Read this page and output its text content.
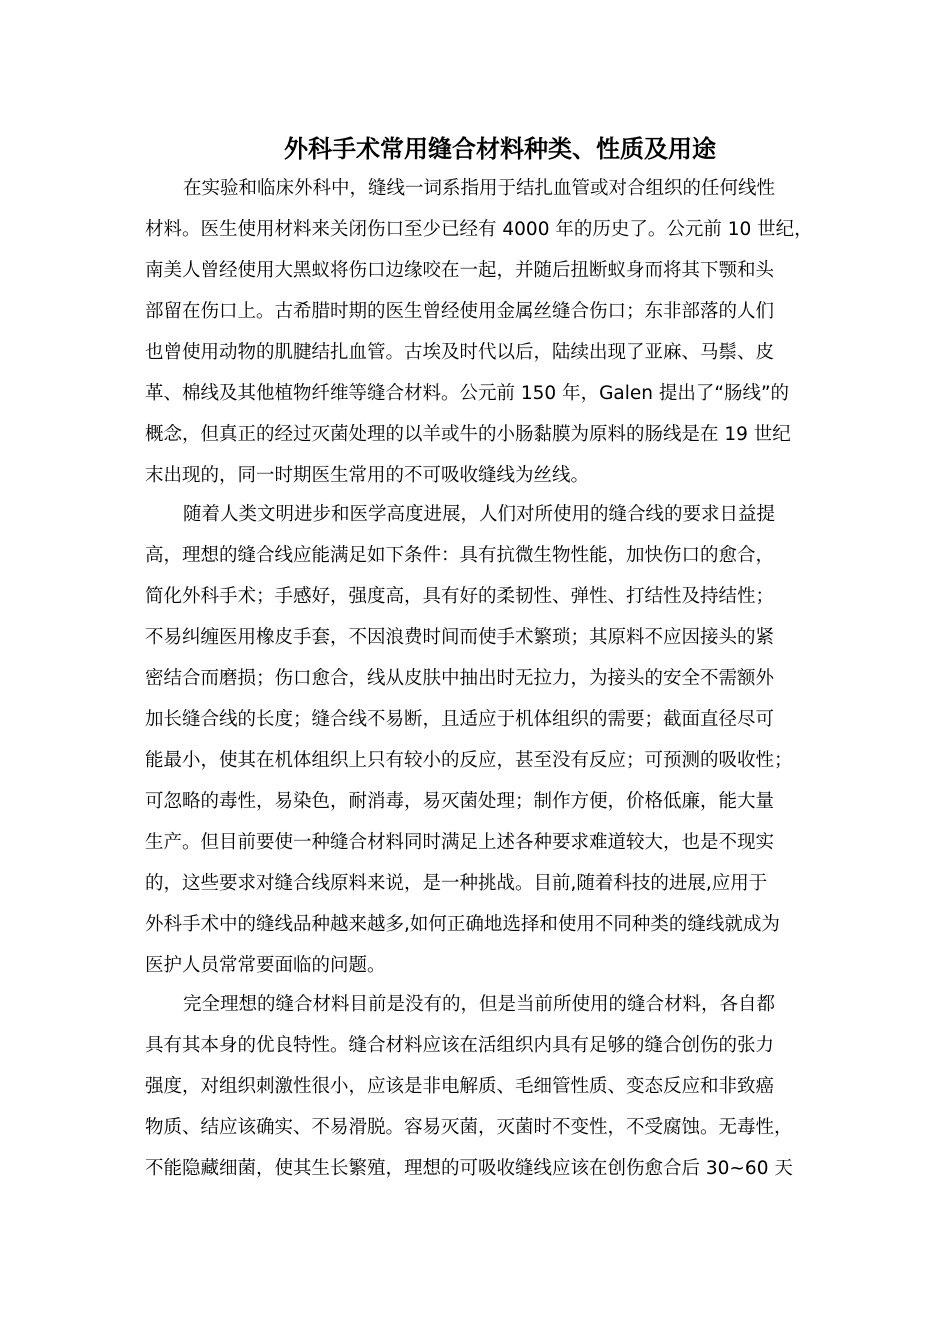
外科手术常用缝合材料种类、性质及用途
在实验和临床外科中，缝线一词系指用于结扎血管或对合组织的任何线性
材料。医生使用材料来关闭伤口至少已经有 4000 年的历史了。公元前 10 世纪，
南美人曾经使用大黑蚁将伤口边缘咬在一起，并随后扭断蚁身而将其下颚和头
部留在伤口上。古希腊时期的医生曾经使用金属丝缝合伤口；东非部落的人们
也曾使用动物的肌腱结扎血管。古埃及时代以后，陆续出现了亚麻、马鬃、皮
革、棉线及其他植物纤维等缝合材料。公元前 150 年，Galen 提出了“肠线”的
概念，但真正的经过灭菌处理的以羊或牛的小肠黏膜为原料的肠线是在 19 世纪
末出现的，同一时期医生常用的不可吸收缝线为丝线。
随着人类文明进步和医学高度进展，人们对所使用的缝合线的要求日益提
高，理想的缝合线应能满足如下条件：具有抗微生物性能，加快伤口的愈合，
简化外科手术；手感好，强度高，具有好的柔韧性、弹性、打结性及持结性；
不易纠缠医用橡皮手套，不因浪费时间而使手术繁琐；其原料不应因接头的紧
密结合而磨损；伤口愈合，线从皮肤中抽出时无拉力，为接头的安全不需额外
加长缝合线的长度；缝合线不易断，且适应于机体组织的需要；截面直径尽可
能最小，使其在机体组织上只有较小的反应，甚至没有反应；可预测的吸收性；
可忽略的毒性，易染色，耐消毒，易灭菌处理；制作方便，价格低廉，能大量
生产。但目前要使一种缝合材料同时满足上述各种要求难道较大，也是不现实
的，这些要求对缝合线原料来说，是一种挑战。目前,随着科技的进展,应用于
外科手术中的缝线品种越来越多,如何正确地选择和使用不同种类的缝线就成为
医护人员常常要面临的问题。
完全理想的缝合材料目前是没有的，但是当前所使用的缝合材料，各自都
具有其本身的优良特性。缝合材料应该在活组织内具有足够的缝合创伤的张力
强度，对组织刺激性很小，应该是非电解质、毛细管性质、变态反应和非致癌
物质、结应该确实、不易滑脱。容易灭菌，灭菌时不变性，不受腐蚀。无毒性，
不能隐藏细菌，使其生长繁殖，理想的可吸收缝线应该在创伤愈合后 30~60 天
